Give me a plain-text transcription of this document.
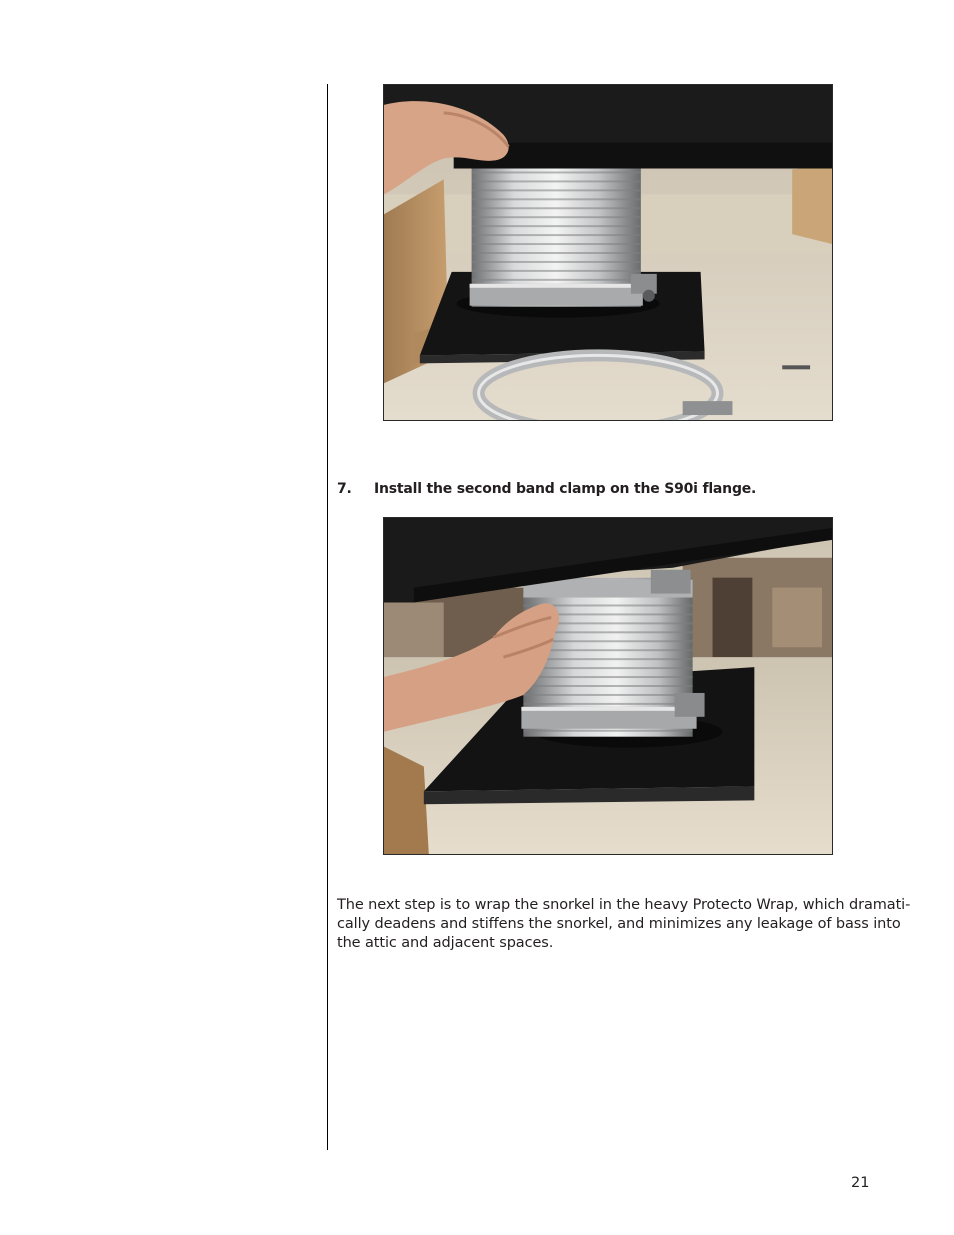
7. Install the second band clamp on the S90i flange.
The next step is to wrap the snorkel in the heavy Protecto Wrap, which dramati-
cally deadens and stiffens the snorkel, and minimizes any leakage of bass into
the attic and adjacent spaces.
21
